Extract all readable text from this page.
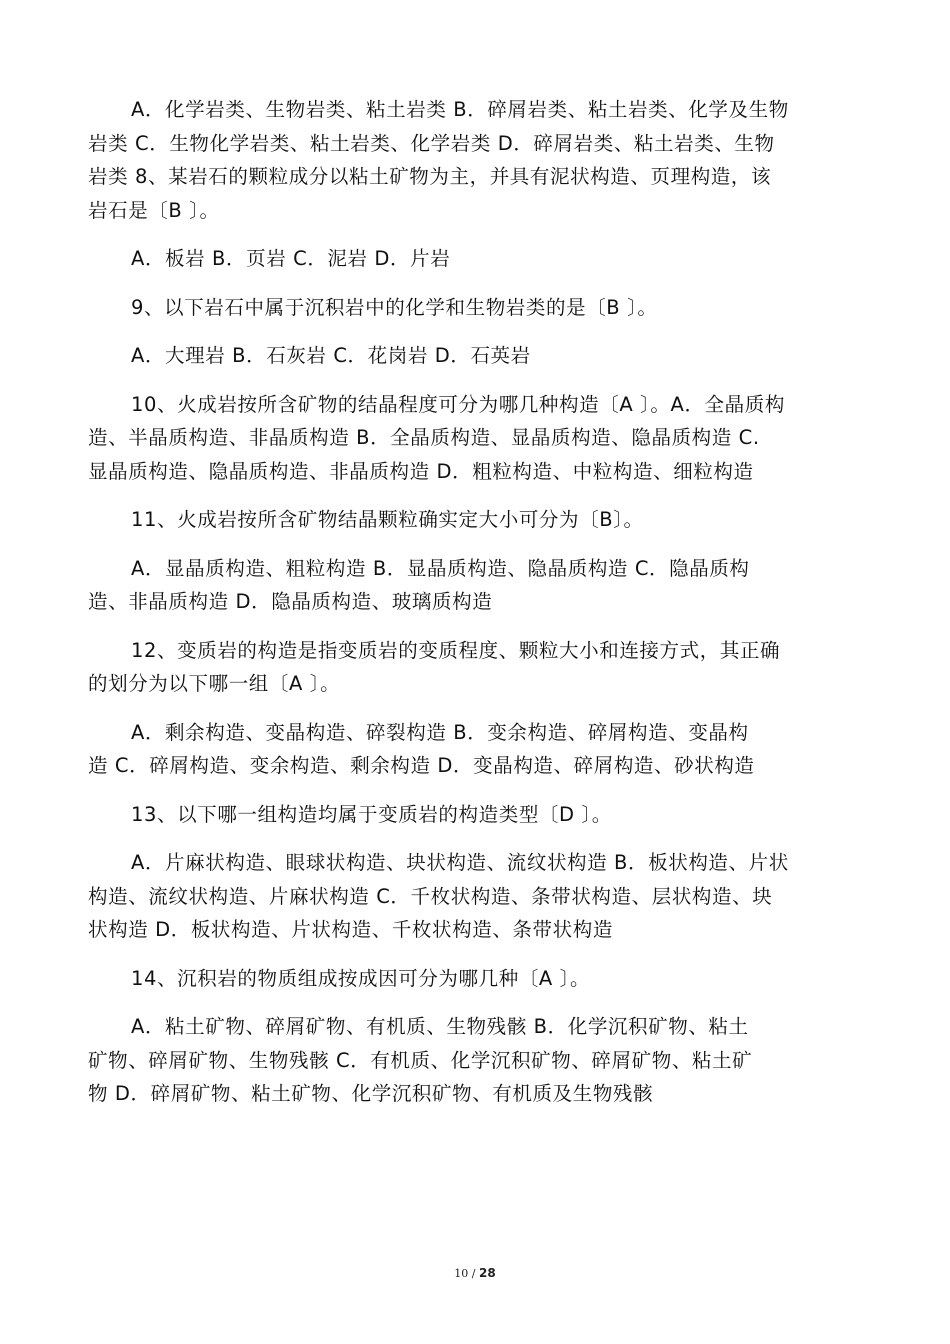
A．化学岩类、生物岩类、粘土岩类 B．碎屑岩类、粘土岩类、化学及生物
岩类 C．生物化学岩类、粘土岩类、化学岩类 D．碎屑岩类、粘土岩类、生物
岩类 8、某岩石的颗粒成分以粘土矿物为主，并具有泥状构造、页理构造，该
岩石是〔B 〕。

A．板岩 B．页岩 C．泥岩 D．片岩

9、以下岩石中属于沉积岩中的化学和生物岩类的是〔B 〕。

A．大理岩 B．石灰岩 C．花岗岩 D．石英岩

10、火成岩按所含矿物的结晶程度可分为哪几种构造〔A 〕。A．全晶质构
造、半晶质构造、非晶质构造 B．全晶质构造、显晶质构造、隐晶质构造 C.
显晶质构造、隐晶质构造、非晶质构造 D．粗粒构造、中粒构造、细粒构造

11、火成岩按所含矿物结晶颗粒确实定大小可分为〔B〕。

A．显晶质构造、粗粒构造 B．显晶质构造、隐晶质构造 C．隐晶质构
造、非晶质构造 D．隐晶质构造、玻璃质构造

12、变质岩的构造是指变质岩的变质程度、颗粒大小和连接方式，其正确
的划分为以下哪一组〔A 〕。

A．剩余构造、变晶构造、碎裂构造 B．变余构造、碎屑构造、变晶构
造 C．碎屑构造、变余构造、剩余构造 D．变晶构造、碎屑构造、砂状构造

13、以下哪一组构造均属于变质岩的构造类型〔D 〕。

A．片麻状构造、眼球状构造、块状构造、流纹状构造 B．板状构造、片状
构造、流纹状构造、片麻状构造 C．千枚状构造、条带状构造、层状构造、块
状构造 D．板状构造、片状构造、千枚状构造、条带状构造

14、沉积岩的物质组成按成因可分为哪几种〔A 〕。

A．粘土矿物、碎屑矿物、有机质、生物残骸 B．化学沉积矿物、粘土
矿物、碎屑矿物、生物残骸 C．有机质、化学沉积矿物、碎屑矿物、粘土矿
物 D．碎屑矿物、粘土矿物、化学沉积矿物、有机质及生物残骸

10 / 28
